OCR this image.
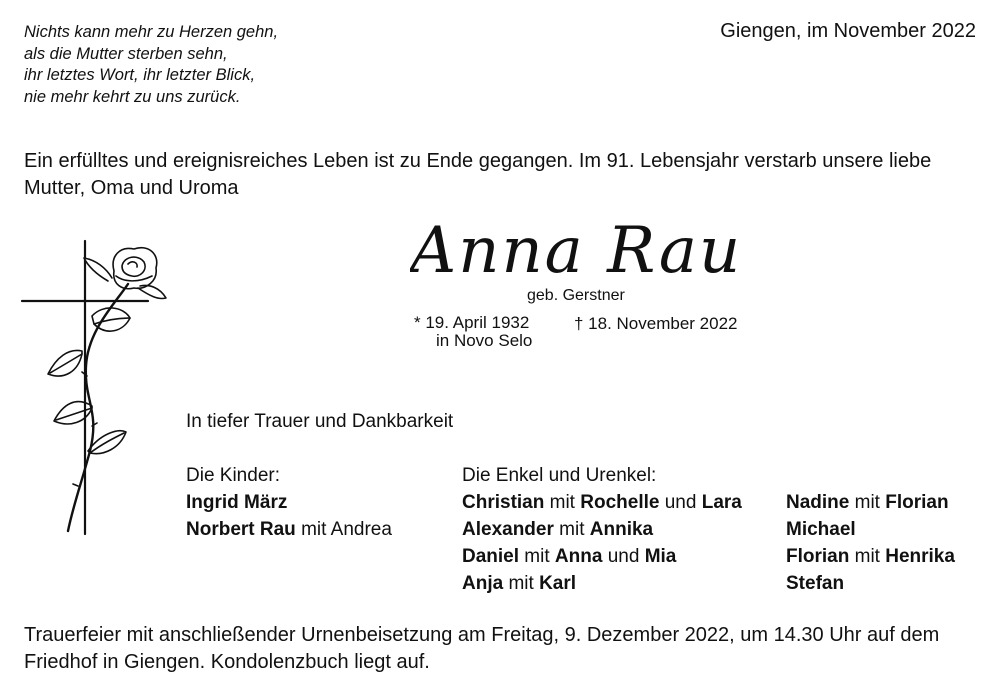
Nichts kann mehr zu Herzen gehn,
als die Mutter sterben sehn,
ihr letztes Wort, ihr letzter Blick,
nie mehr kehrt zu uns zurück.
Giengen, im November 2022
Ein erfülltes und ereignisreiches Leben ist zu Ende gegangen. Im 91. Lebensjahr verstarb unsere liebe Mutter, Oma und Uroma
Anna Rau
geb. Gerstner
* 19. April 1932
in Novo Selo
† 18. November 2022
In tiefer Trauer und Dankbarkeit
Die Kinder:
Ingrid März
Norbert Rau mit Andrea
Die Enkel und Urenkel:
Christian mit Rochelle und Lara
Alexander mit Annika
Daniel mit Anna und Mia
Anja mit Karl
Nadine mit Florian
Michael
Florian mit Henrika
Stefan
Trauerfeier mit anschließender Urnenbeisetzung am Freitag, 9. Dezember 2022, um 14.30 Uhr auf dem Friedhof in Giengen. Kondolenzbuch liegt auf.
